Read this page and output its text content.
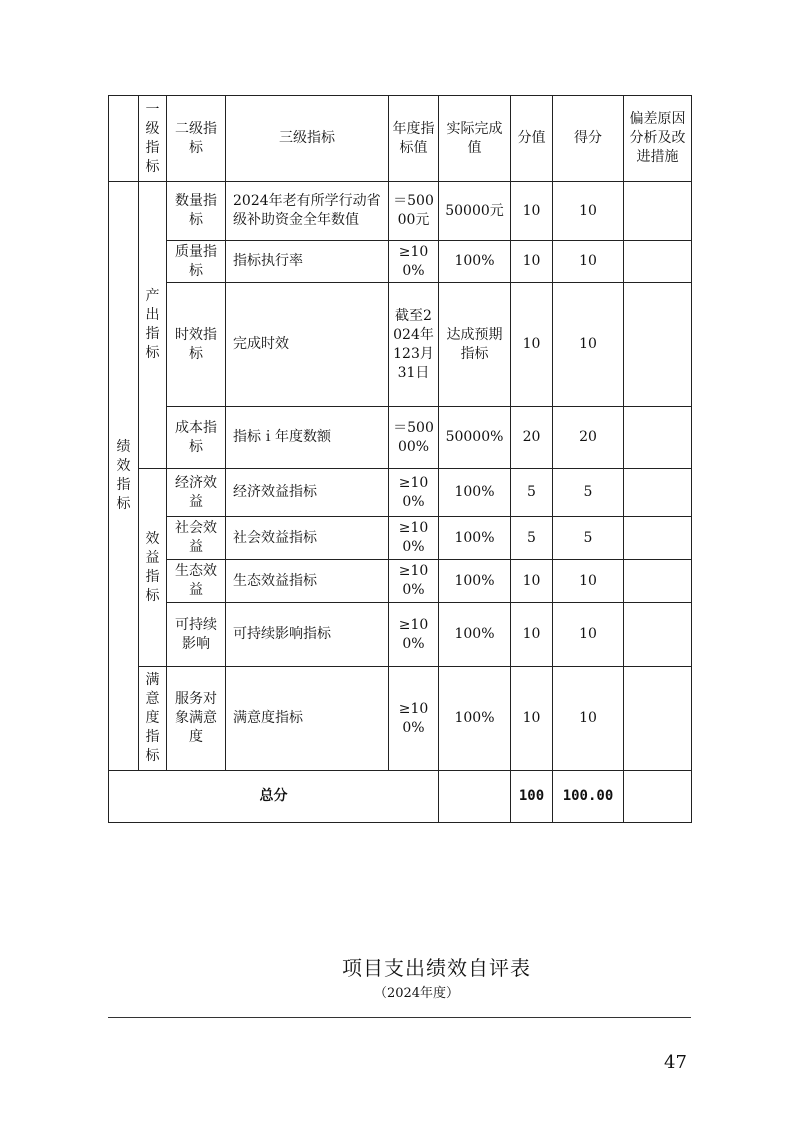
	一级指标	二级指标	三级指标	年度指标值	实际完成值	分值	得分	偏差原因分析及改进措施
绩效指标	产出指标	数量指标	2024年老有所学行动省级补助资金全年数值	＝50000元	50000元	10	10	
		质量指标	指标执行率	≥100%	100%	10	10	
		时效指标	完成时效	截至2024年123月31日	达成预期指标	10	10	
		成本指标	指标ｉ年度数额	＝50000%	50000%	20	20	
	效益指标	经济效益	经济效益指标	≥100%	100%	5	5	
		社会效益	社会效益指标	≥100%	100%	5	5	
		生态效益	生态效益指标	≥100%	100%	10	10	
		可持续影响	可持续影响指标	≥100%	100%	10	10	
	满意度指标	服务对象满意度	满意度指标	≥100%	100%	10	10	
总分						100	100.00	
项目支出绩效自评表
（2024年度）
47
